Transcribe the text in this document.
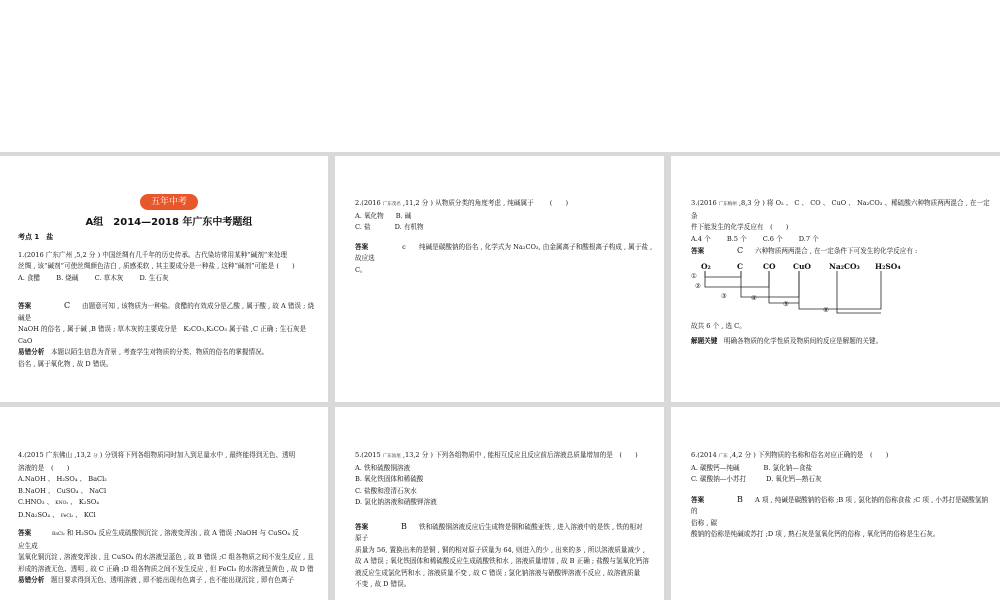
五年中考

A组　2014—2018 年广东中考题组

考点 1　盐

1.(2016 广东广州 ,5,2 分 ) 中国丝绸有几千年的历史传承。古代染坊常用某种“碱剂”来处理

丝绸 , 该“碱剂”可使丝绸颜色洁白 , 质感柔软 , 其主要成分是一种盐 , 这种“碱剂”可能是 (　　)

A. 食醋 B. 烧碱 C. 草木灰 D. 生石灰

答案	C 由题意可知 , 该物质为一种盐。食醋的有效成分是乙酸 , 属于酸 , 故 A 错误 ; 烧

碱是

NaOH 的俗名 , 属于碱 ,B 错误 ; 草木灰的主要成分是　K₂CO₃,K₂CO₃ 属于盐 ,C 正确 ; 生石灰是 CaO

易错分析　 本题以陌生信息为背景 , 考查学生对物质的分类、物质的俗名的掌握情况。

俗名 , 属于氧化物 , 故 D 错误。

2.(2016 广东茂名 ,11,2 分 ) 从物质分类的角度考虑 , 纯碱属于 (　　)

A. 氧化物 B. 碱

C. 盐	D. 有机物

答案	c 纯碱是碳酸钠的俗名 , 化学式为 Na₂CO₃, 由金属离子和酸根离子构成 , 属于盐 ,

故应选

C。

3.(2016 广东梅州 ,8,3 分 ) 将 O₂ 、 C 、 CO 、 CuO 、 Na₂CO₃ 、稀硫酸六种物质两两混合 , 在一定条

件下能发生的化学反应有　(　　)

A.4 个 B.5 个 C.6 个 D.7 个

答案	C 六种物质两两混合 , 在一定条件下可发生的化学反应有 :

O₂	C	CO CuO Na₂CO₃ H₂SO₄
①
②
③	④
⑤
⑥

故共 6 个 , 选 C。

解题关键　 明确各物质的化学性质及物质间的反应是解题的关键。

4.(2015 广东佛山 ,13,2 分 ) 分别将下列各组物质同时加入到足量水中 , 最终能得到无色、透明

溶液的是　(　　)

A.NaOH 、 H₂SO₄ 、 BaCl₂

B.NaOH 、 CuSO₄ 、 NaCl

C.HNO₃ 、 KNO₃ 、 K₂SO₄

D.Na₂SO₄ 、 FeCl₃ 、 KCl

答案	BaCl₂ 和 H₂SO₄ 反应生成硫酸钡沉淀 , 溶液变浑浊 , 故 A 错误 ;NaOH 与 CuSO₄ 反

应生成

氢氧化铜沉淀 , 溶液变浑浊 , 且 CuSO₄ 的水溶液呈蓝色 , 故 B 错误 ;C 组各物质之间不发生反应 , 且

形成的溶液无色、透明 , 故 C 正确 ;D 组各物质之间不发生反应 , 但 FeCl₃ 的水溶液呈黄色 , 故 D 错

易错分析　 题目要求得到无色、透明溶液 , 即不能出现有色离子 , 也不能出现沉淀 , 即有色离子

5.(2015 广东汕尾 ,13,2 分 ) 下列各组物质中 , 能相互反应且反应前后溶液总质量增加的是　(　　)

A. 铁和硫酸铜溶液

B. 氧化铁固体和稀硫酸

C. 盐酸和澄清石灰水

D. 氯化钠溶液和硝酸钾溶液

答案	B 铁和硫酸铜溶液反应后生成物是铜和硫酸亚铁 , 进入溶液中的是铁 , 铁的相对

原子

质量为 56, 置换出来的是铜 , 铜的相对原子质量为 64, 则进入的少 , 出来的多 , 所以溶液质量减少 ,

故 A 错误 ; 氧化铁固体和稀硫酸反应生成硫酸铁和水 , 溶液质量增加 , 故 B 正确 ; 盐酸与氢氧化钙溶

液反应生成氯化钙和水 , 溶液质量不变 , 故 C 错误 ; 氯化钠溶液与硝酸钾溶液不反应 , 故溶液质量

不变 , 故 D 错误。

6.(2014 广东 ,4,2 分 ) 下列物质的名称和俗名对应正确的是　(　　)

A. 碳酸钙—纯碱	B. 氯化钠—食盐

C. 碳酸钠—小苏打	D. 氧化钙—熟石灰

答案	B A 项 , 纯碱是碳酸钠的俗称 ;B 项 , 氯化钠的俗称食盐 ;C 项 , 小苏打是碳酸氢钠的

俗称 , 碳

酸钠的俗称是纯碱或苏打 ;D 项 , 熟石灰是氢氧化钙的俗称 , 氧化钙的俗称是生石灰。
